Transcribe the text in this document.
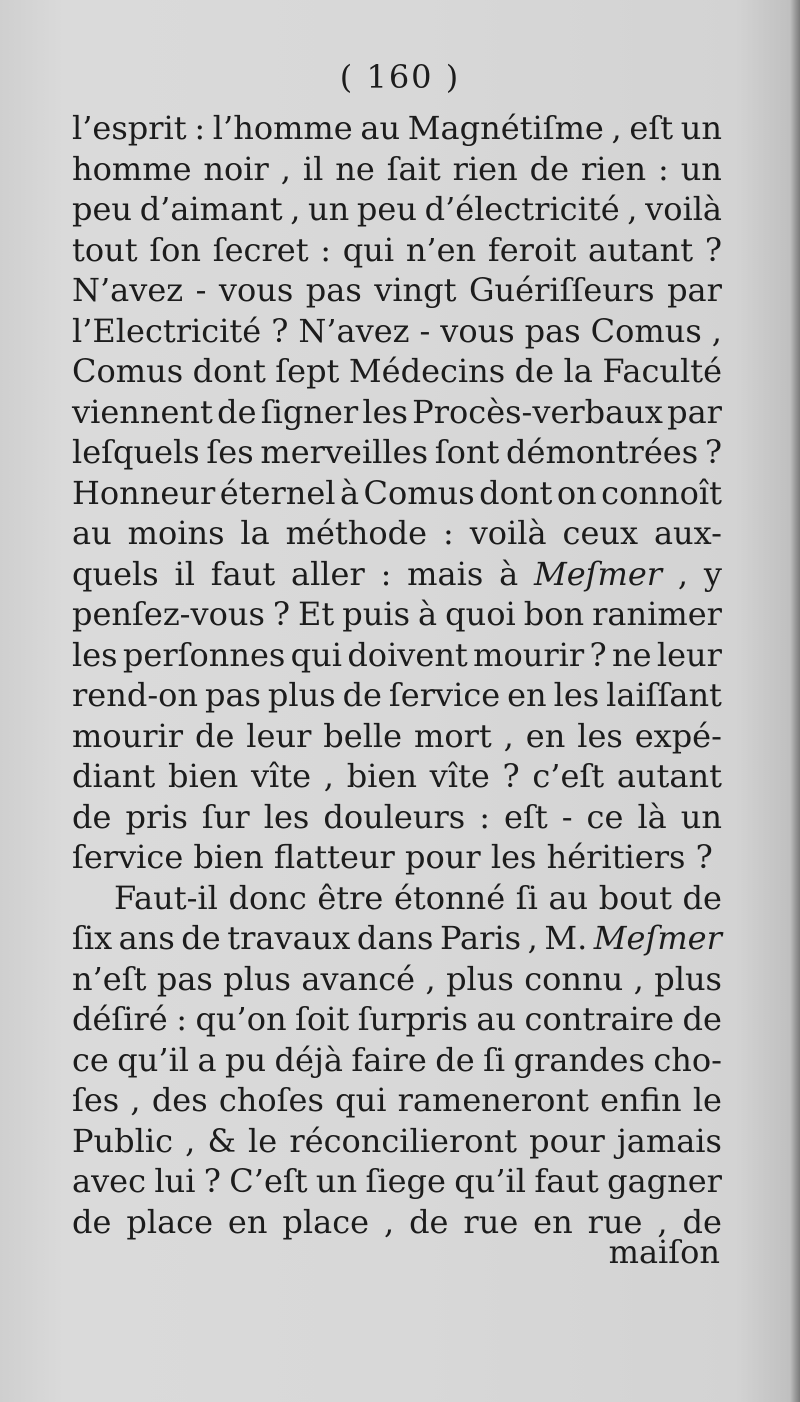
( 160 )

l’esprit : l’homme au Magnétiſme , eſt un
homme noir , il ne ſait rien de rien : un
peu d’aimant , un peu d’électricité , voilà
tout ſon ſecret : qui n’en feroit autant ?
N’avez - vous pas vingt Guériſſeurs par
l’Electricité ? N’avez - vous pas Comus ,
Comus dont ſept Médecins de la Faculté
viennent de ſigner les Procès-verbaux par
leſquels ſes merveilles ſont démontrées ?
Honneur éternel à Comus dont on connoît
au moins la méthode : voilà ceux aux-
quels il faut aller : mais à Meſmer , y
penſez-vous ? Et puis à quoi bon ranimer
les perſonnes qui doivent mourir ? ne leur
rend-on pas plus de ſervice en les laiſſant
mourir de leur belle mort , en les expé-
diant bien vîte , bien vîte ? c’eſt autant
de pris ſur les douleurs : eſt - ce là un
ſervice bien flatteur pour les héritiers ?
Faut-il donc être étonné ſi au bout de
ſix ans de travaux dans Paris , M. Meſmer
n’eſt pas plus avancé , plus connu , plus
déſiré : qu’on ſoit ſurpris au contraire de
ce qu’il a pu déjà faire de ſi grandes cho-
ſes , des choſes qui rameneront enfin le
Public , & le réconcilieront pour jamais
avec lui ? C’eſt un ſiege qu’il faut gagner
de place en place , de rue en rue , de
maiſon
